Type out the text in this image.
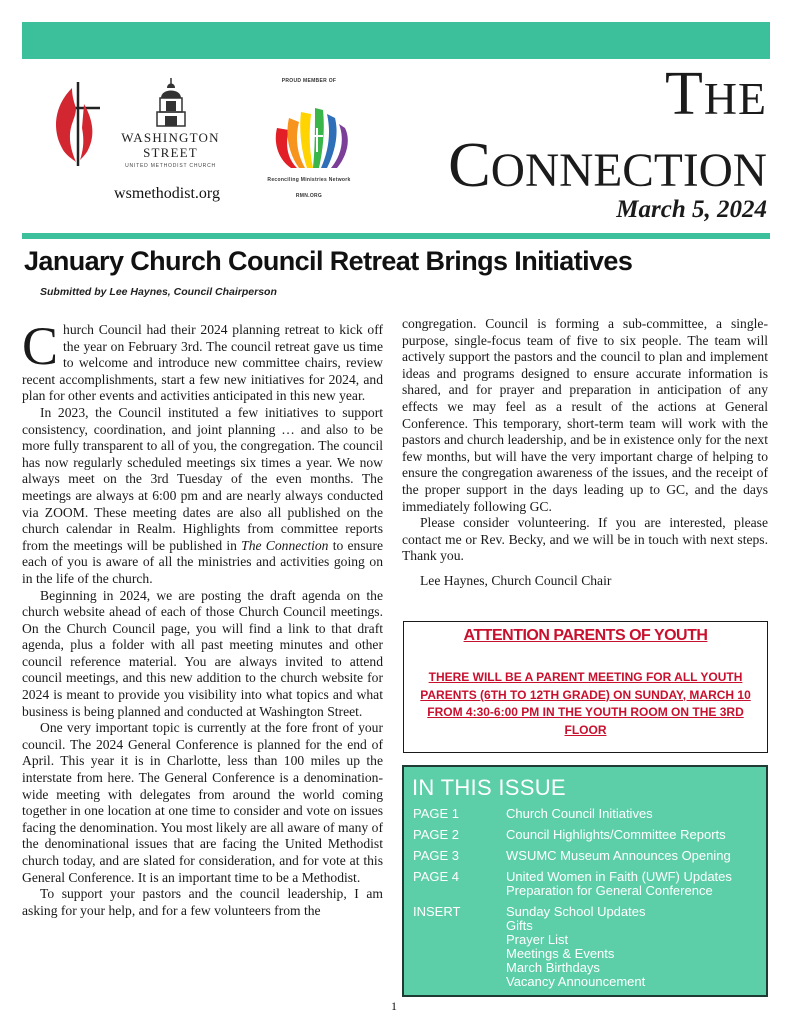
WASHINGTON
STREET
UNITED METHODIST CHURCH
wsmethodist.org
PROUD MEMBER OF
Reconciling Ministries Network
RMN.ORG
THE
CONNECTION
March 5, 2024
January Church Council Retreat Brings Initiatives
Submitted by Lee Haynes, Council Chairperson

Church Council had their 2024 planning retreat to kick off the year on February 3rd. The council retreat gave us time to welcome and introduce new committee chairs, review recent accomplishments, start a few new initiatives for 2024, and plan for other events and activities anticipated in this new year.

In 2023, the Council instituted a few initiatives to support consistency, coordination, and joint planning … and also to be more fully transparent to all of you, the congregation. The council has now regularly scheduled meetings six times a year. We now always meet on the 3rd Tuesday of the even months. The meetings are always at 6:00 pm and are nearly always conducted via ZOOM. These meeting dates are also all published on the church calendar in Realm. Highlights from committee reports from the meetings will be published in The Connection to ensure each of you is aware of all the ministries and activities going on in the life of the church.

Beginning in 2024, we are posting the draft agenda on the church website ahead of each of those Church Council meetings. On the Church Council page, you will find a link to that draft agenda, plus a folder with all past meeting minutes and other council reference material. You are always invited to attend council meetings, and this new addition to the church website for 2024 is meant to provide you visibility into what topics and what business is being planned and conducted at Washington Street.

One very important topic is currently at the fore front of your council. The 2024 General Conference is planned for the end of April. This year it is in Charlotte, less than 100 miles up the interstate from here. The General Conference is a denomination-wide meeting with delegates from around the world coming together in one location at one time to consider and vote on issues facing the denomination. You most likely are all aware of many of the denominational issues that are facing the United Methodist church today, and are slated for consideration, and for vote at this General Conference. It is an important time to be a Methodist.

To support your pastors and the council leadership, I am asking for your help, and for a few volunteers from the

congregation. Council is forming a sub-committee, a single-purpose, single-focus team of five to six people. The team will actively support the pastors and the council to plan and implement ideas and programs designed to ensure accurate information is shared, and for prayer and preparation in anticipation of any effects we may feel as a result of the actions at General Conference. This temporary, short-term team will work with the pastors and church leadership, and be in existence only for the next few months, but will have the very important charge of helping to ensure the congregation awareness of the issues, and the receipt of the proper support in the days leading up to GC, and the days immediately following GC.

Please consider volunteering. If you are interested, please contact me or Rev. Becky, and we will be in touch with next steps. Thank you.

Lee Haynes, Church Council Chair

ATTENTION PARENTS OF YOUTH
THERE WILL BE A PARENT MEETING FOR ALL YOUTH PARENTS (6TH TO 12TH GRADE) ON SUNDAY, MARCH 10 FROM 4:30-6:00 PM IN THE YOUTH ROOM ON THE 3RD FLOOR
IN THIS ISSUE
PAGE 1	Church Council Initiatives
PAGE 2	Council Highlights/Committee Reports
PAGE 3	WSUMC Museum Announces Opening
PAGE 4	United Women in Faith (UWF) Updates
Preparation for General Conference
INSERT	Sunday School Updates
Gifts
Prayer List
Meetings & Events
March Birthdays
Vacancy Announcement
1
